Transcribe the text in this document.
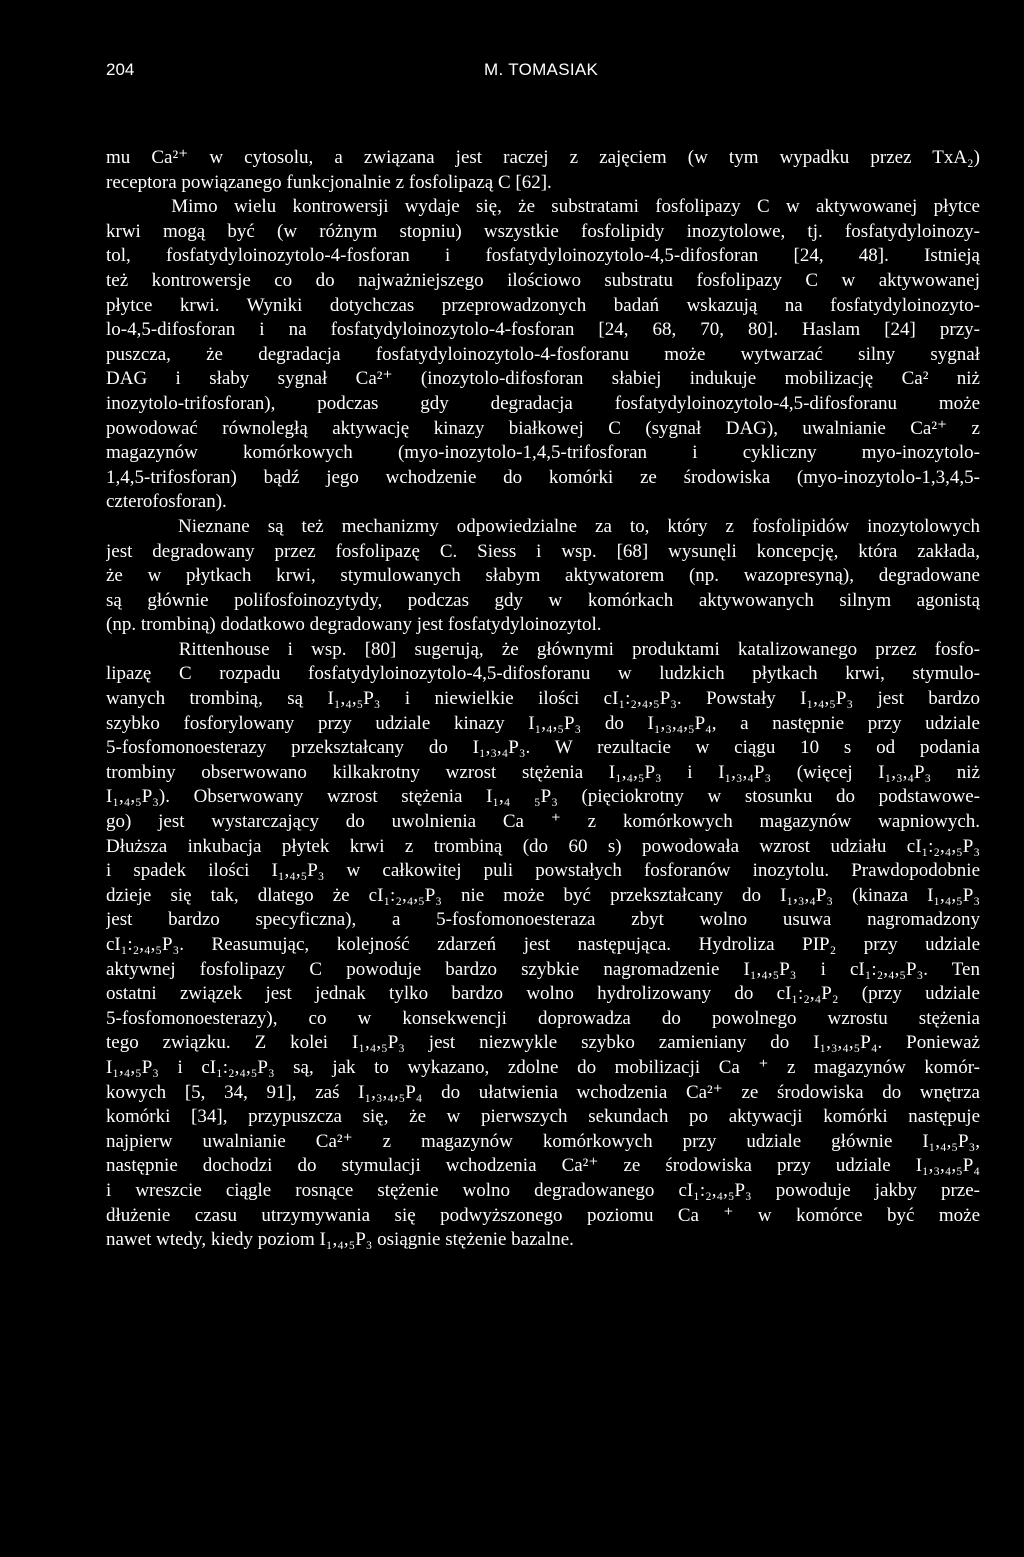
204	M. TOMASIAK
mu Ca²⁺ w cytosolu, a związana jest raczej z zajęciem (w tym wypadku przez TxA₂)
receptora powiązanego funkcjonalnie z fosfolipazą C [62].
Mimo wielu kontrowersji wydaje się, że substratami fosfolipazy C w aktywowanej płytce
krwi mogą być (w różnym stopniu) wszystkie fosfolipidy inozytolowe, tj. fosfatydyloinozy-
tol, fosfatydyloinozytolo-4-fosforan i fosfatydyloinozytolo-4,5-difosforan [24, 48]. Istnieją
też kontrowersje co do najważniejszego ilościowo substratu fosfolipazy C w aktywowanej
płytce krwi. Wyniki dotychczas przeprowadzonych badań wskazują na fosfatydyloinozyto-
lo-4,5-difosforan i na fosfatydyloinozytolo-4-fosforan [24, 68, 70, 80]. Haslam [24] przy-
puszcza, że degradacja fosfatydyloinozytolo-4-fosforanu może wytwarzać silny sygnał
DAG i słaby sygnał Ca²⁺ (inozytolo-difosforan słabiej indukuje mobilizację Ca² niż
inozytolo-trifosforan), podczas gdy degradacja fosfatydyloinozytolo-4,5-difosforanu może
powodować równoległą aktywację kinazy białkowej C (sygnał DAG), uwalnianie Ca²⁺ z
magazynów komórkowych (myo-inozytolo-1,4,5-trifosforan i cykliczny myo-inozytolo-
1,4,5-trifosforan) bądź jego wchodzenie do komórki ze środowiska (myo-inozytolo-1,3,4,5-
czterofosforan).
Nieznane są też mechanizmy odpowiedzialne za to, który z fosfolipidów inozytolowych
jest degradowany przez fosfolipazę C. Siess i wsp. [68] wysunęli koncepcję, która zakłada,
że w płytkach krwi, stymulowanych słabym aktywatorem (np. wazopresyną), degradowane
są głównie polifosfoinozytydy, podczas gdy w komórkach aktywowanych silnym agonistą
(np. trombiną) dodatkowo degradowany jest fosfatydyloinozytol.
Rittenhouse i wsp. [80] sugerują, że głównymi produktami katalizowanego przez fosfo-
lipazę C rozpadu fosfatydyloinozytolo-4,5-difosforanu w ludzkich płytkach krwi, stymulo-
wanych trombiną, są I₁,₄,₅P₃ i niewielkie ilości cI₁:₂,₄,₅P₃. Powstały I₁,₄,₅P₃ jest bardzo
szybko fosforylowany przy udziale kinazy I₁,₄,₅P₃ do I₁,₃,₄,₅P₄, a następnie przy udziale
5-fosfomonoesterazy przekształcany do I₁,₃,₄P₃. W rezultacie w ciągu 10 s od podania
trombiny obserwowano kilkakrotny wzrost stężenia I₁,₄,₅P₃ i I₁,₃,₄P₃ (więcej I₁,₃,₄P₃ niż
I₁,₄,₅P₃). Obserwowany wzrost stężenia I₁,₄ ₅P₃ (pięciokrotny w stosunku do podstawowe-
go) jest wystarczający do uwolnienia Ca ⁺ z komórkowych magazynów wapniowych.
Dłuższa inkubacja płytek krwi z trombiną (do 60 s) powodowała wzrost udziału cI₁:₂,₄,₅P₃
i spadek ilości I₁,₄,₅P₃ w całkowitej puli powstałych fosforanów inozytolu. Prawdopodobnie
dzieje się tak, dlatego że cI₁:₂,₄,₅P₃ nie może być przekształcany do I₁,₃,₄P₃ (kinaza I₁,₄,₅P₃
jest bardzo specyficzna), a 5-fosfomonoesteraza zbyt wolno usuwa nagromadzony
cI₁:₂,₄,₅P₃. Reasumując, kolejność zdarzeń jest następująca. Hydroliza PIP₂ przy udziale
aktywnej fosfolipazy C powoduje bardzo szybkie nagromadzenie I₁,₄,₅P₃ i cI₁:₂,₄,₅P₃. Ten
ostatni związek jest jednak tylko bardzo wolno hydrolizowany do cI₁:₂,₄P₂ (przy udziale
5-fosfomonoesterazy), co w konsekwencji doprowadza do powolnego wzrostu stężenia
tego związku. Z kolei I₁,₄,₅P₃ jest niezwykle szybko zamieniany do I₁,₃,₄,₅P₄. Ponieważ
I₁,₄,₅P₃ i cI₁:₂,₄,₅P₃ są, jak to wykazano, zdolne do mobilizacji Ca ⁺ z magazynów komór-
kowych [5, 34, 91], zaś I₁,₃,₄,₅P₄ do ułatwienia wchodzenia Ca²⁺ ze środowiska do wnętrza
komórki [34], przypuszcza się, że w pierwszych sekundach po aktywacji komórki następuje
najpierw uwalnianie Ca²⁺ z magazynów komórkowych przy udziale głównie I₁,₄,₅P₃,
następnie dochodzi do stymulacji wchodzenia Ca²⁺ ze środowiska przy udziale I₁,₃,₄,₅P₄
i wreszcie ciągle rosnące stężenie wolno degradowanego cI₁:₂,₄,₅P₃ powoduje jakby prze-
dłużenie czasu utrzymywania się podwyższonego poziomu Ca ⁺ w komórce być może
nawet wtedy, kiedy poziom I₁,₄,₅P₃ osiągnie stężenie bazalne.
